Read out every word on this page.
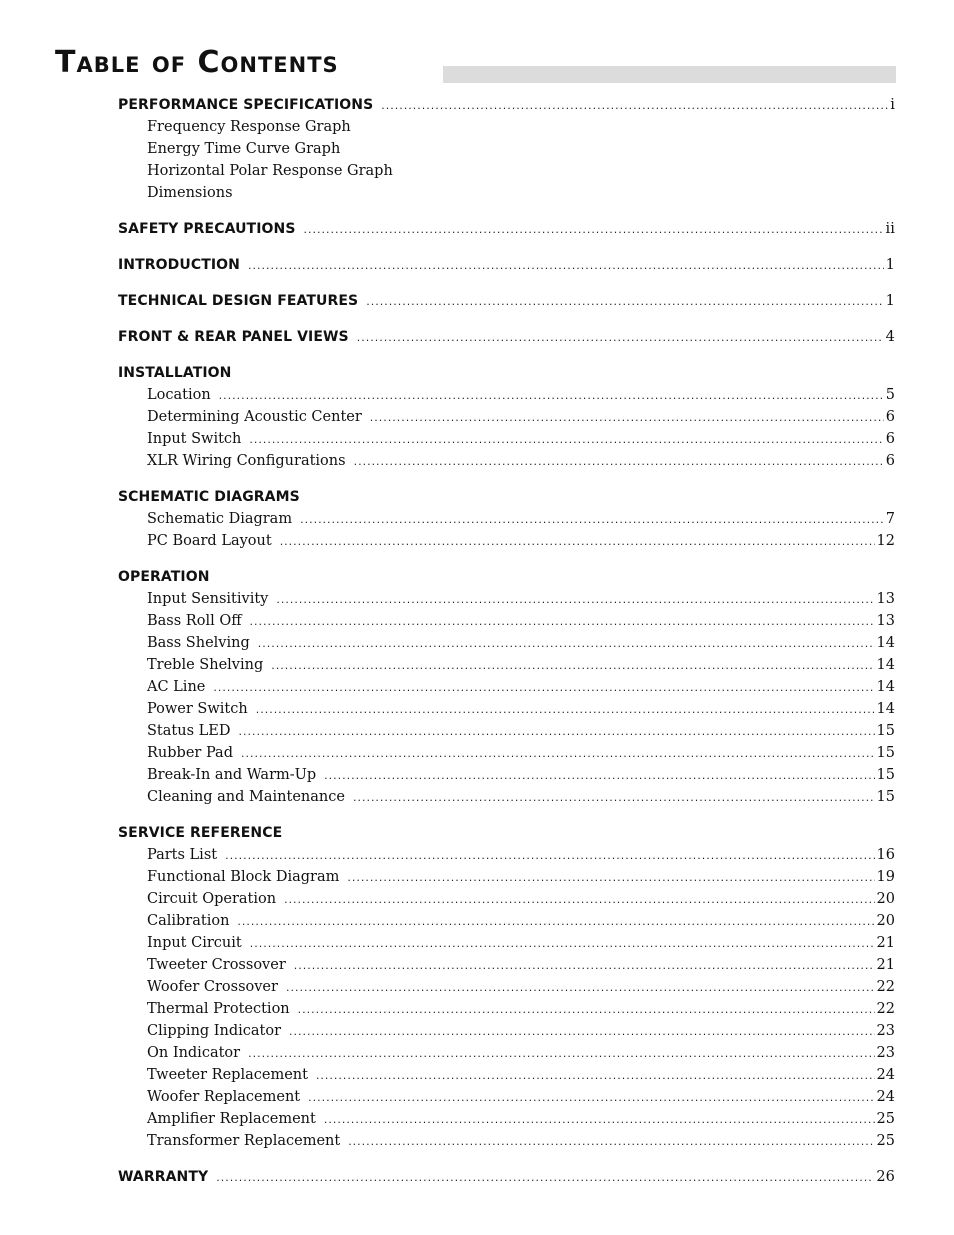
Table of Contents
PERFORMANCE SPECIFICATIONS .....	i
Frequency Response Graph
Energy Time Curve Graph
Horizontal Polar Response Graph
Dimensions
SAFETY PRECAUTIONS .....	ii
INTRODUCTION .....	1
TECHNICAL DESIGN FEATURES .....	1
FRONT & REAR PANEL VIEWS .....	4
INSTALLATION
Location .....	5
Determining Acoustic Center .....	6
Input Switch .....	6
XLR Wiring Configurations .....	6
SCHEMATIC DIAGRAMS
Schematic Diagram .....	7
PC Board Layout .....	12
OPERATION
Input Sensitivity .....	13
Bass Roll Off .....	13
Bass Shelving .....	14
Treble Shelving .....	14
AC Line .....	14
Power Switch .....	14
Status LED .....	15
Rubber Pad .....	15
Break-In and Warm-Up .....	15
Cleaning and Maintenance .....	15
SERVICE REFERENCE
Parts List .....	16
Functional Block Diagram .....	19
Circuit Operation .....	20
Calibration .....	20
Input Circuit .....	21
Tweeter Crossover .....	21
Woofer Crossover .....	22
Thermal Protection .....	22
Clipping Indicator .....	23
On Indicator .....	23
Tweeter Replacement .....	24
Woofer Replacement .....	24
Amplifier Replacement .....	25
Transformer Replacement .....	25
WARRANTY .....	26
